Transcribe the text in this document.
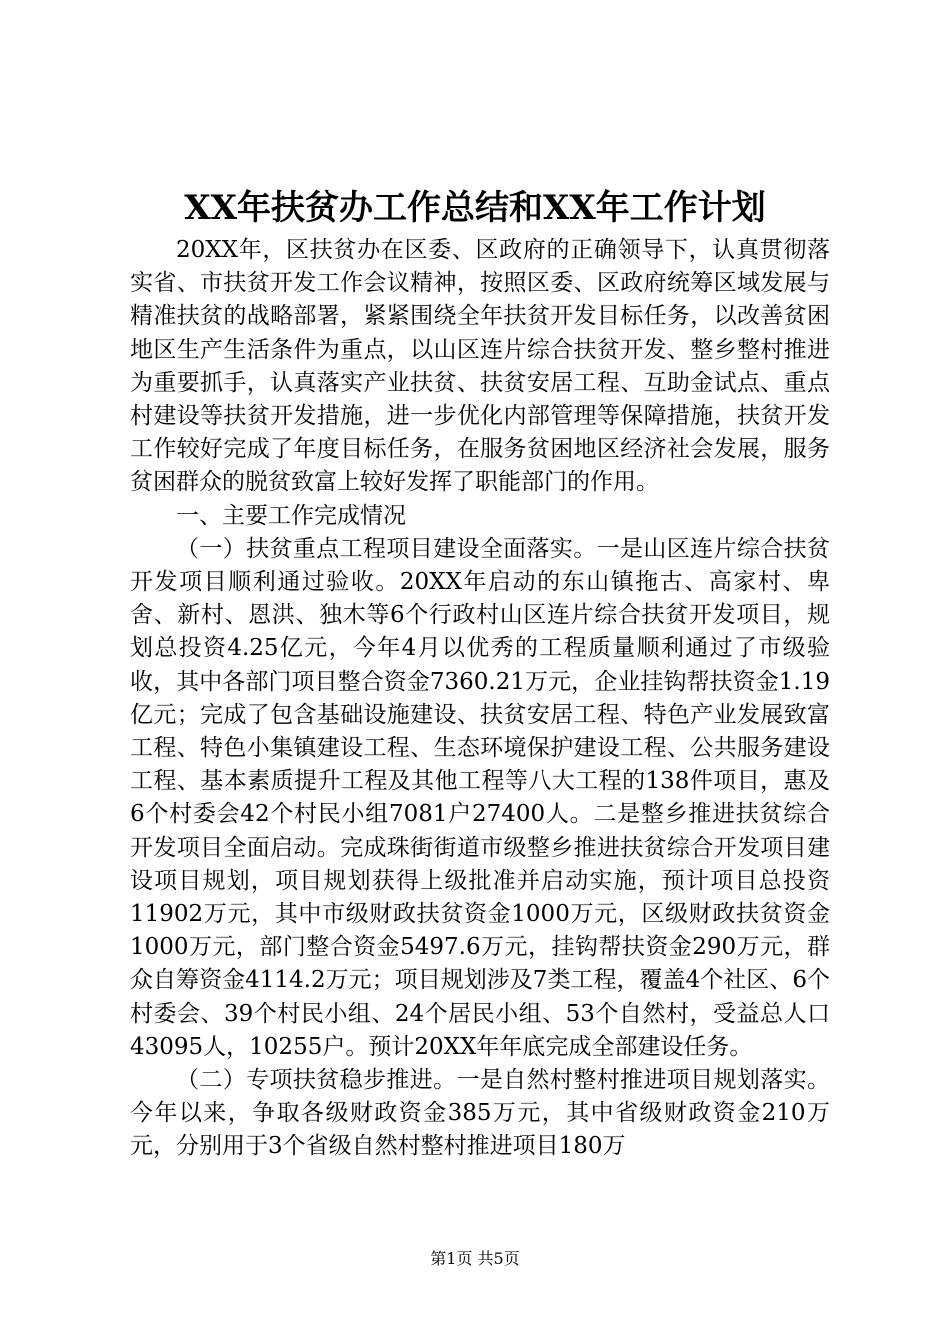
XX年扶贫办工作总结和XX年工作计划

20XX年，区扶贫办在区委、区政府的正确领导下，认真贯彻落实省、市扶贫开发工作会议精神，按照区委、区政府统筹区域发展与精准扶贫的战略部署，紧紧围绕全年扶贫开发目标任务，以改善贫困地区生产生活条件为重点，以山区连片综合扶贫开发、整乡整村推进为重要抓手，认真落实产业扶贫、扶贫安居工程、互助金试点、重点村建设等扶贫开发措施，进一步优化内部管理等保障措施，扶贫开发工作较好完成了年度目标任务，在服务贫困地区经济社会发展，服务贫困群众的脱贫致富上较好发挥了职能部门的作用。

一、主要工作完成情况

（一）扶贫重点工程项目建设全面落实。一是山区连片综合扶贫开发项目顺利通过验收。20XX年启动的东山镇拖古、高家村、卑舍、新村、恩洪、独木等6个行政村山区连片综合扶贫开发项目，规划总投资4.25亿元，今年4月以优秀的工程质量顺利通过了市级验收，其中各部门项目整合资金7360.21万元，企业挂钩帮扶资金1.19亿元；完成了包含基础设施建设、扶贫安居工程、特色产业发展致富工程、特色小集镇建设工程、生态环境保护建设工程、公共服务建设工程、基本素质提升工程及其他工程等八大工程的138件项目，惠及6个村委会42个村民小组7081户27400人。二是整乡推进扶贫综合开发项目全面启动。完成珠街街道市级整乡推进扶贫综合开发项目建设项目规划，项目规划获得上级批准并启动实施，预计项目总投资11902万元，其中市级财政扶贫资金1000万元，区级财政扶贫资金1000万元，部门整合资金5497.6万元，挂钩帮扶资金290万元，群众自筹资金4114.2万元；项目规划涉及7类工程，覆盖4个社区、6个村委会、39个村民小组、24个居民小组、53个自然村，受益总人口43095人，10255户。预计20XX年年底完成全部建设任务。

（二）专项扶贫稳步推进。一是自然村整村推进项目规划落实。今年以来，争取各级财政资金385万元，其中省级财政资金210万元，分别用于3个省级自然村整村推进项目180万

第1页 共5页
